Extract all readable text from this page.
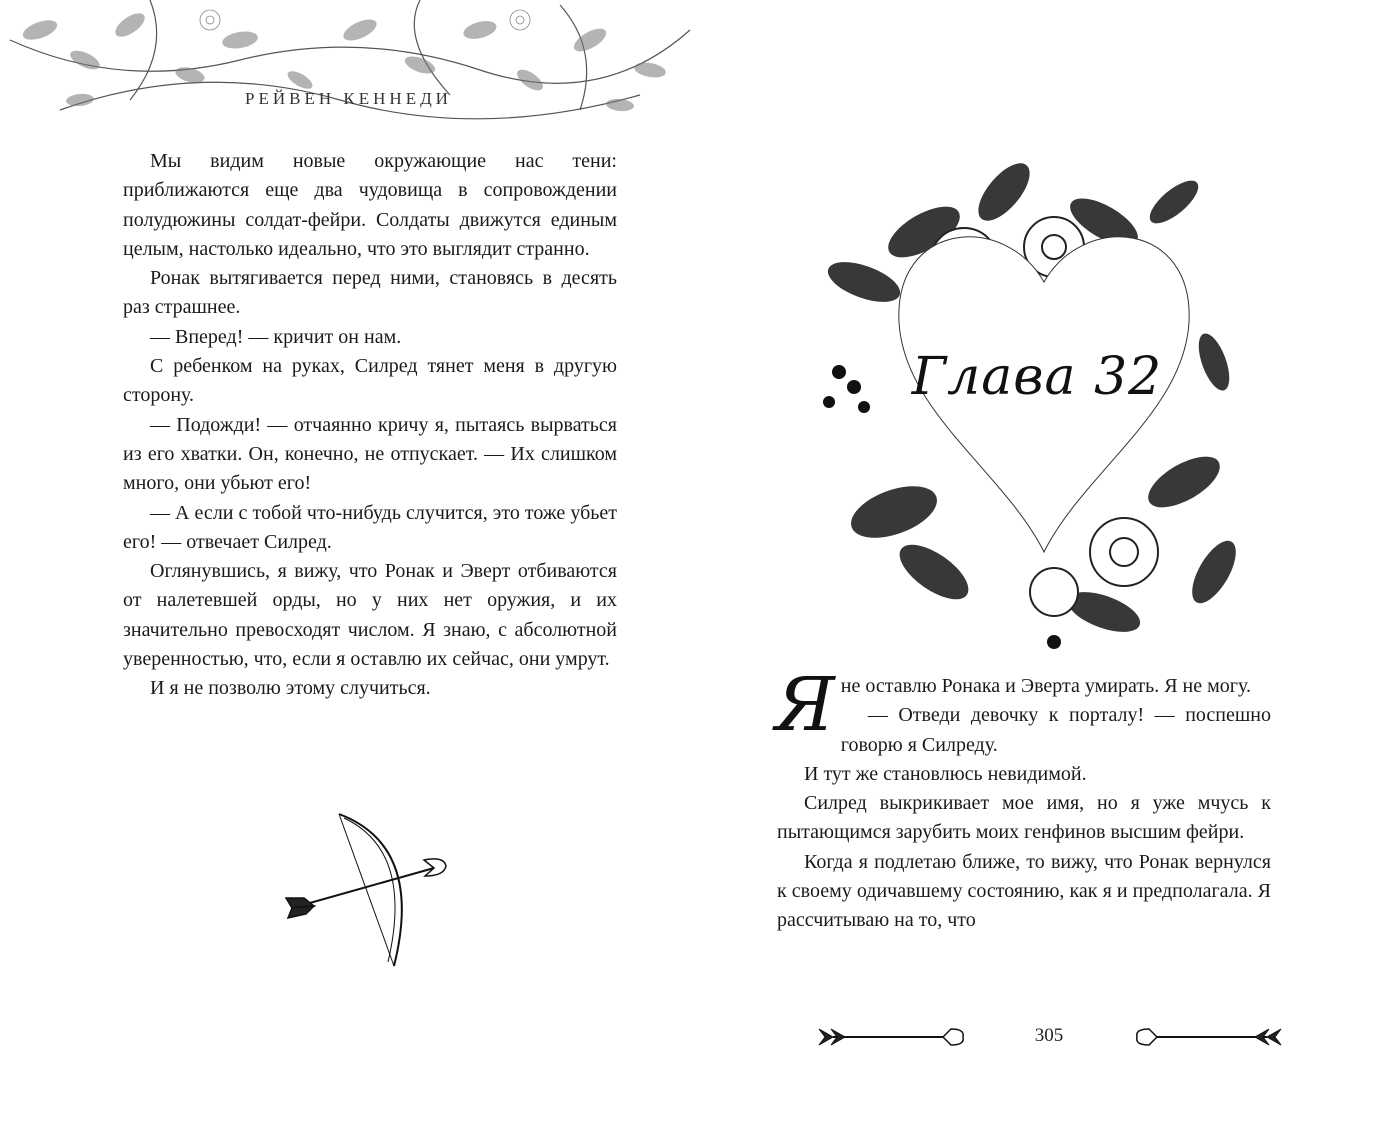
РЕЙВЕН КЕННЕДИ

Мы видим новые окружающие нас тени: приближаются еще два чудовища в сопровождении полудюжины солдат-фейри. Солдаты движутся единым целым, настолько идеально, что это выглядит странно.

Ронак вытягивается перед ними, становясь в десять раз страшнее.

— Вперед! — кричит он нам.

С ребенком на руках, Силред тянет меня в другую сторону.

— Подожди! — отчаянно кричу я, пытаясь вырваться из его хватки. Он, конечно, не отпускает. — Их слишком много, они убьют его!

— А если с тобой что-нибудь случится, это тоже убьет его! — отвечает Силред.

Оглянувшись, я вижу, что Ронак и Эверт отбиваются от налетевшей орды, но у них нет оружия, и их значительно превосходят числом. Я знаю, с абсолютной уверенностью, что, если я оставлю их сейчас, они умрут.

И я не позволю этому случиться.

Глава 32

Яне оставлю Ронака и Эверта умирать. Я не могу.

— Отведи девочку к порталу! — поспешно говорю я Силреду.

И тут же становлюсь невидимой.

Силред выкрикивает мое имя, но я уже мчусь к пытающимся зарубить моих генфинов высшим фейри.

Когда я подлетаю ближе, то вижу, что Ронак вернулся к своему одичавшему состоянию, как я и предполагала. Я рассчитываю на то, что

305
